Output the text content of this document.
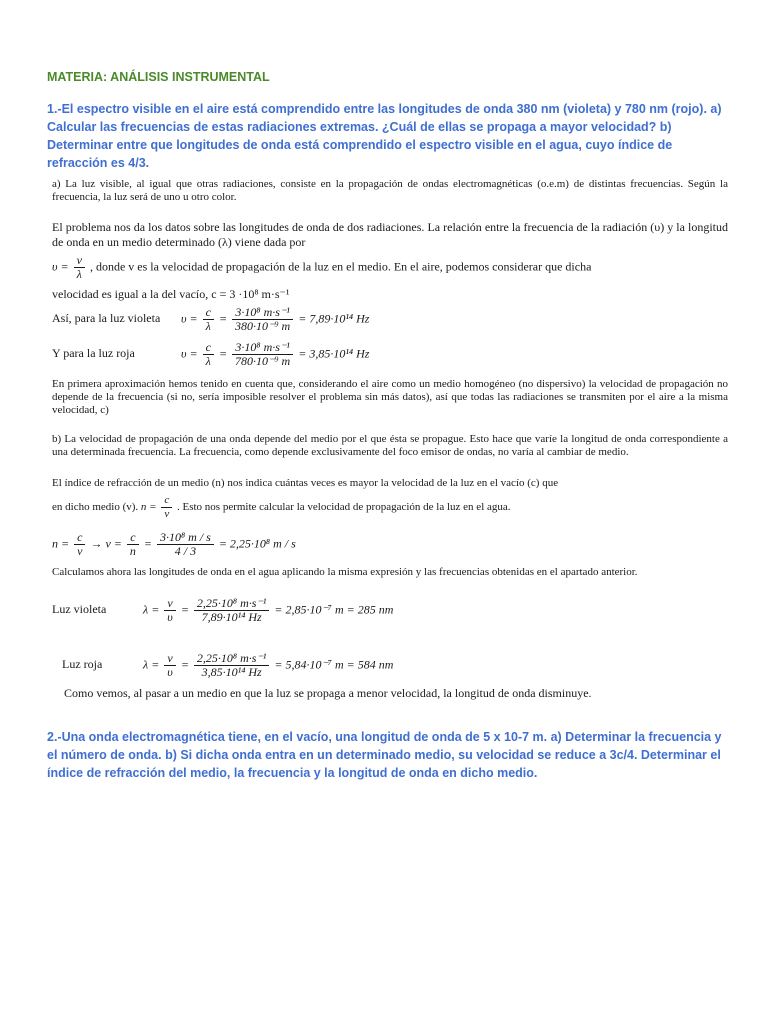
MATERIA: ANÁLISIS INSTRUMENTAL
1.-El espectro visible en el aire está comprendido entre las longitudes de onda 380 nm (violeta) y 780 nm (rojo). a) Calcular las frecuencias de estas radiaciones extremas. ¿Cuál de ellas se propaga a mayor velocidad? b) Determinar entre que longitudes de onda está comprendido el espectro visible en el agua, cuyo índice de refracción es 4/3.
a) La luz visible, al igual que otras radiaciones, consiste en la propagación de ondas electromagnéticas (o.e.m) de distintas frecuencias. Según la frecuencia, la luz será de uno u otro color.
El problema nos da los datos sobre las longitudes de onda de dos radiaciones. La relación entre la frecuencia de la radiación (υ) y la longitud de onda en un medio determinado (λ) viene dada por
$\upsilon = \frac{v}{\lambda}$ , donde v es la velocidad de propagación de la luz en el medio. En el aire, podemos considerar que dicha
velocidad es igual a la del vacío, c = 3 ·10⁸ m·s⁻¹
Así, para la luz violeta $\upsilon = \frac{c}{\lambda} = \frac{\text{3·10⁸ m·s⁻¹}}{\text{380·10⁻⁹ m}} = 7,89\cdot 10^{14}$ Hz
Y para la luz roja	$\upsilon = \frac{c}{\lambda} = \frac{\text{3·10⁸ m·s⁻¹}}{\text{780·10⁻⁹ m}} = 3,85\cdot 10^{14}$ Hz
En primera aproximación hemos tenido en cuenta que, considerando el aire como un medio homogéneo (no dispersivo) la velocidad de propagación no depende de la frecuencia (si no, sería imposible resolver el problema sin más datos), así que todas las radiaciones se transmiten por el aire a la misma velocidad, c)
b) La velocidad de propagación de una onda depende del medio por el que ésta se propague. Esto hace que varíe la longitud de onda correspondiente a una determinada frecuencia. La frecuencia, como depende exclusivamente del foco emisor de ondas, no varía al cambiar de medio.
El índice de refracción de un medio (n) nos indica cuántas veces es mayor la velocidad de la luz en el vacío (c) que
en dicho medio (v). $n = \frac{c}{v}$ . Esto nos permite calcular la velocidad de propagación de la luz en el agua.
$n = \frac{c}{v} \to v = \frac{c}{n} = \frac{\text{3·10⁸ m / s}}{4 / 3} = 2,25\cdot 10^8$ m / s
Calculamos ahora las longitudes de onda en el agua aplicando la misma expresión y las frecuencias obtenidas en el apartado anterior.
Luz violeta	$\lambda = \frac{v}{\upsilon} = \frac{\text{2,25·10⁸ m·s⁻¹}}{\text{7,89·10¹⁴ Hz}} = 2,85\cdot 10^{-7}$ m = 285 nm
Luz roja	$\lambda = \frac{v}{\upsilon} = \frac{\text{2,25·10⁸ m·s⁻¹}}{\text{3,85·10¹⁴ Hz}} = 5,84\cdot 10^{-7}$ m = 584 nm
Como vemos, al pasar a un medio en que la luz se propaga a menor velocidad, la longitud de onda disminuye.
2.-Una onda electromagnética tiene, en el vacío, una longitud de onda de 5 x 10-7 m. a) Determinar la frecuencia y el número de onda. b) Si dicha onda entra en un determinado medio, su velocidad se reduce a 3c/4. Determinar el índice de refracción del medio, la frecuencia y la longitud de onda en dicho medio.
